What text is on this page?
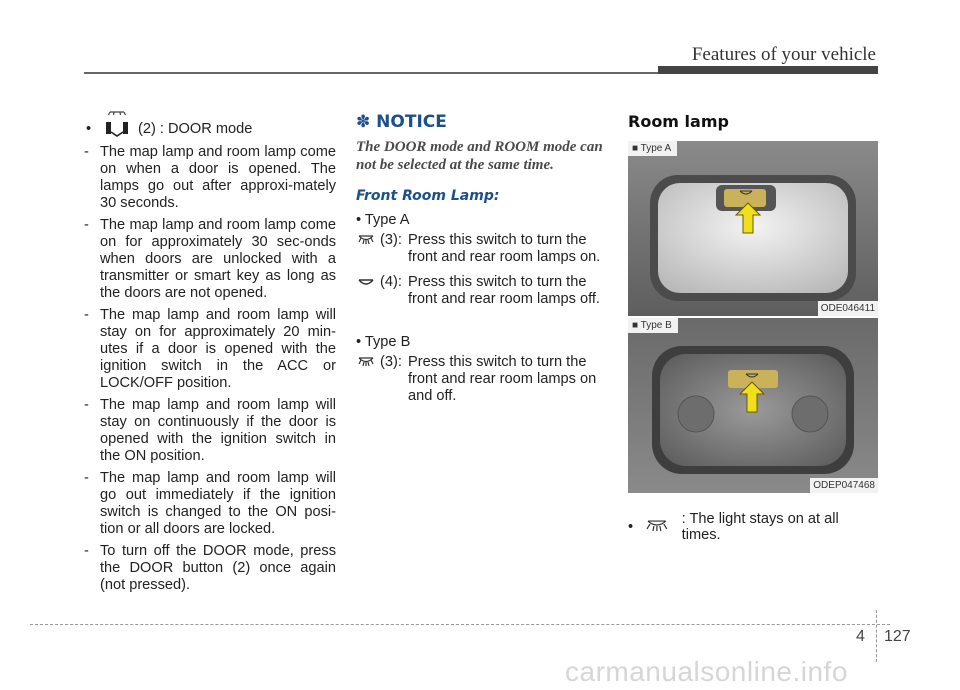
Features of your vehicle
•	(2) : DOOR mode
- The map lamp and room lamp come on when a door is opened. The lamps go out after approxi-mately 30 seconds.
- The map lamp and room lamp come on for approximately 30 sec-onds when doors are unlocked with a transmitter or smart key as long as the doors are not opened.
- The map lamp and room lamp will stay on for approximately 20 min-utes if a door is opened with the ignition switch in the ACC or LOCK/OFF position.
- The map lamp and room lamp will stay on continuously if the door is opened with the ignition switch in the ON position.
- The map lamp and room lamp will go out immediately if the ignition switch is changed to the ON posi-tion or all doors are locked.
- To turn off the DOOR mode, press the DOOR button (2) once again (not pressed).
✽ NOTICE
The DOOR mode and ROOM mode can not be selected at the same time.
Front Room Lamp:
• Type A
(3): Press this switch to turn the front and rear room lamps on.
(4): Press this switch to turn the front and rear room lamps off.
• Type B
(3): Press this switch to turn the front and rear room lamps on and off.
Room lamp
■ Type A
ODE046411
■ Type B
ODEP047468
•	: The light stays on at all times.
4 127
carmanualsonline.info
